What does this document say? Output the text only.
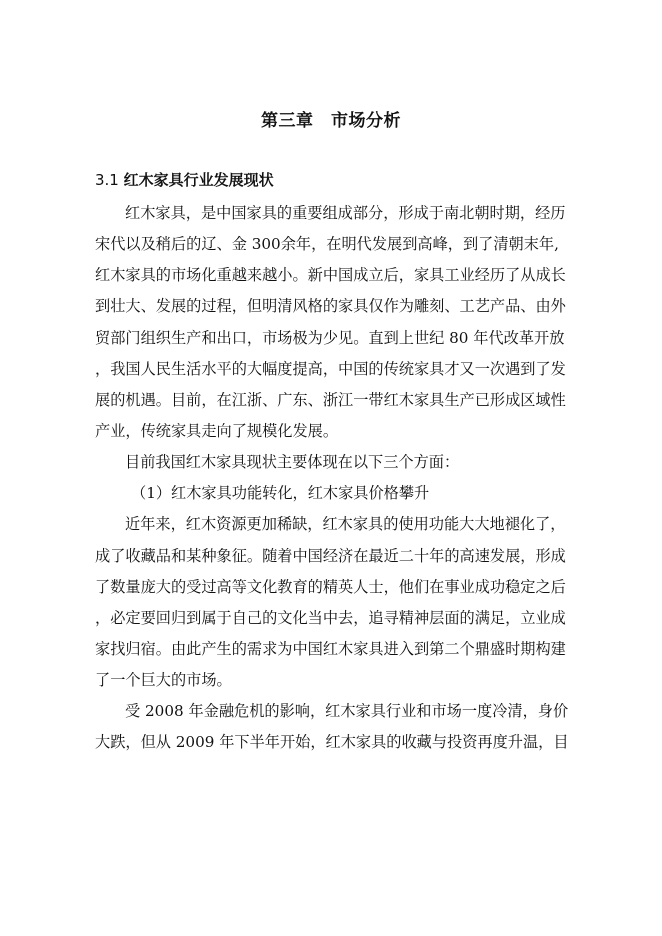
第三章　市场分析
3.1 红木家具行业发展现状
红木家具，是中国家具的重要组成部分，形成于南北朝时期，经历
宋代以及稍后的辽、金 300余年，在明代发展到高峰，到了清朝末年,
红木家具的市场化重越来越小。新中国成立后，家具工业经历了从成长
到壮大、发展的过程，但明清风格的家具仅作为雕刻、工艺产品、由外
贸部门组织生产和出口，市场极为少见。直到上世纪 80 年代改革开放
，我国人民生活水平的大幅度提高，中国的传统家具才又一次遇到了发
展的机遇。目前，在江浙、广东、浙江一带红木家具生产已形成区域性
产业，传统家具走向了规模化发展。
目前我国红木家具现状主要体现在以下三个方面：
（1）红木家具功能转化，红木家具价格攀升
近年来，红木资源更加稀缺，红木家具的使用功能大大地褪化了，
成了收藏品和某种象征。随着中国经济在最近二十年的高速发展，形成
了数量庞大的受过高等文化教育的精英人士，他们在事业成功稳定之后
，必定要回归到属于自己的文化当中去，追寻精神层面的满足，立业成
家找归宿。由此产生的需求为中国红木家具进入到第二个鼎盛时期构建
了一个巨大的市场。
受 2008 年金融危机的影响，红木家具行业和市场一度冷清，身价
大跌，但从 2009 年下半年开始，红木家具的收藏与投资再度升温，目
